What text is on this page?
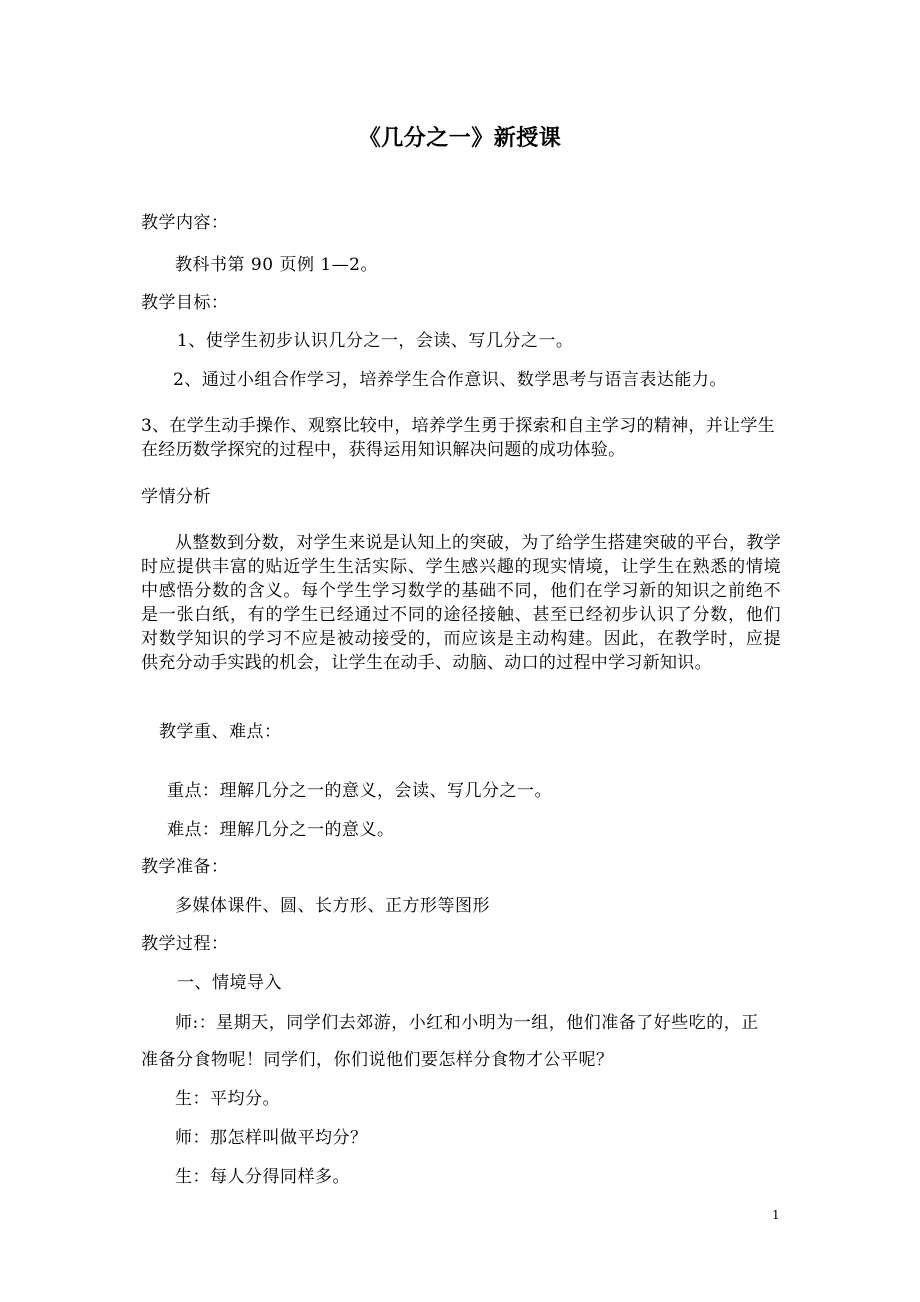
《几分之一》新授课
教学内容：
教科书第 90 页例 1—2。
教学目标：
1、使学生初步认识几分之一，会读、写几分之一。
2、通过小组合作学习，培养学生合作意识、数学思考与语言表达能力。
3、在学生动手操作、观察比较中，培养学生勇于探索和自主学习的精神，并让学生在经历数学探究的过程中，获得运用知识解决问题的成功体验。
学情分析
从整数到分数，对学生来说是认知上的突破，为了给学生搭建突破的平台，教学时应提供丰富的贴近学生生活实际、学生感兴趣的现实情境，让学生在熟悉的情境中感悟分数的含义。每个学生学习数学的基础不同，他们在学习新的知识之前绝不是一张白纸，有的学生已经通过不同的途径接触、甚至已经初步认识了分数，他们对数学知识的学习不应是被动接受的，而应该是主动构建。因此，在教学时，应提供充分动手实践的机会，让学生在动手、动脑、动口的过程中学习新知识。
教学重、难点：
重点：理解几分之一的意义，会读、写几分之一。
难点：理解几分之一的意义。
教学准备：
多媒体课件、圆、长方形、正方形等图形
教学过程：
一、情境导入
师:：星期天，同学们去郊游，小红和小明为一组，他们准备了好些吃的，正
准备分食物呢！同学们，你们说他们要怎样分食物才公平呢？
生：平均分。
师：那怎样叫做平均分？
生：每人分得同样多。
1
